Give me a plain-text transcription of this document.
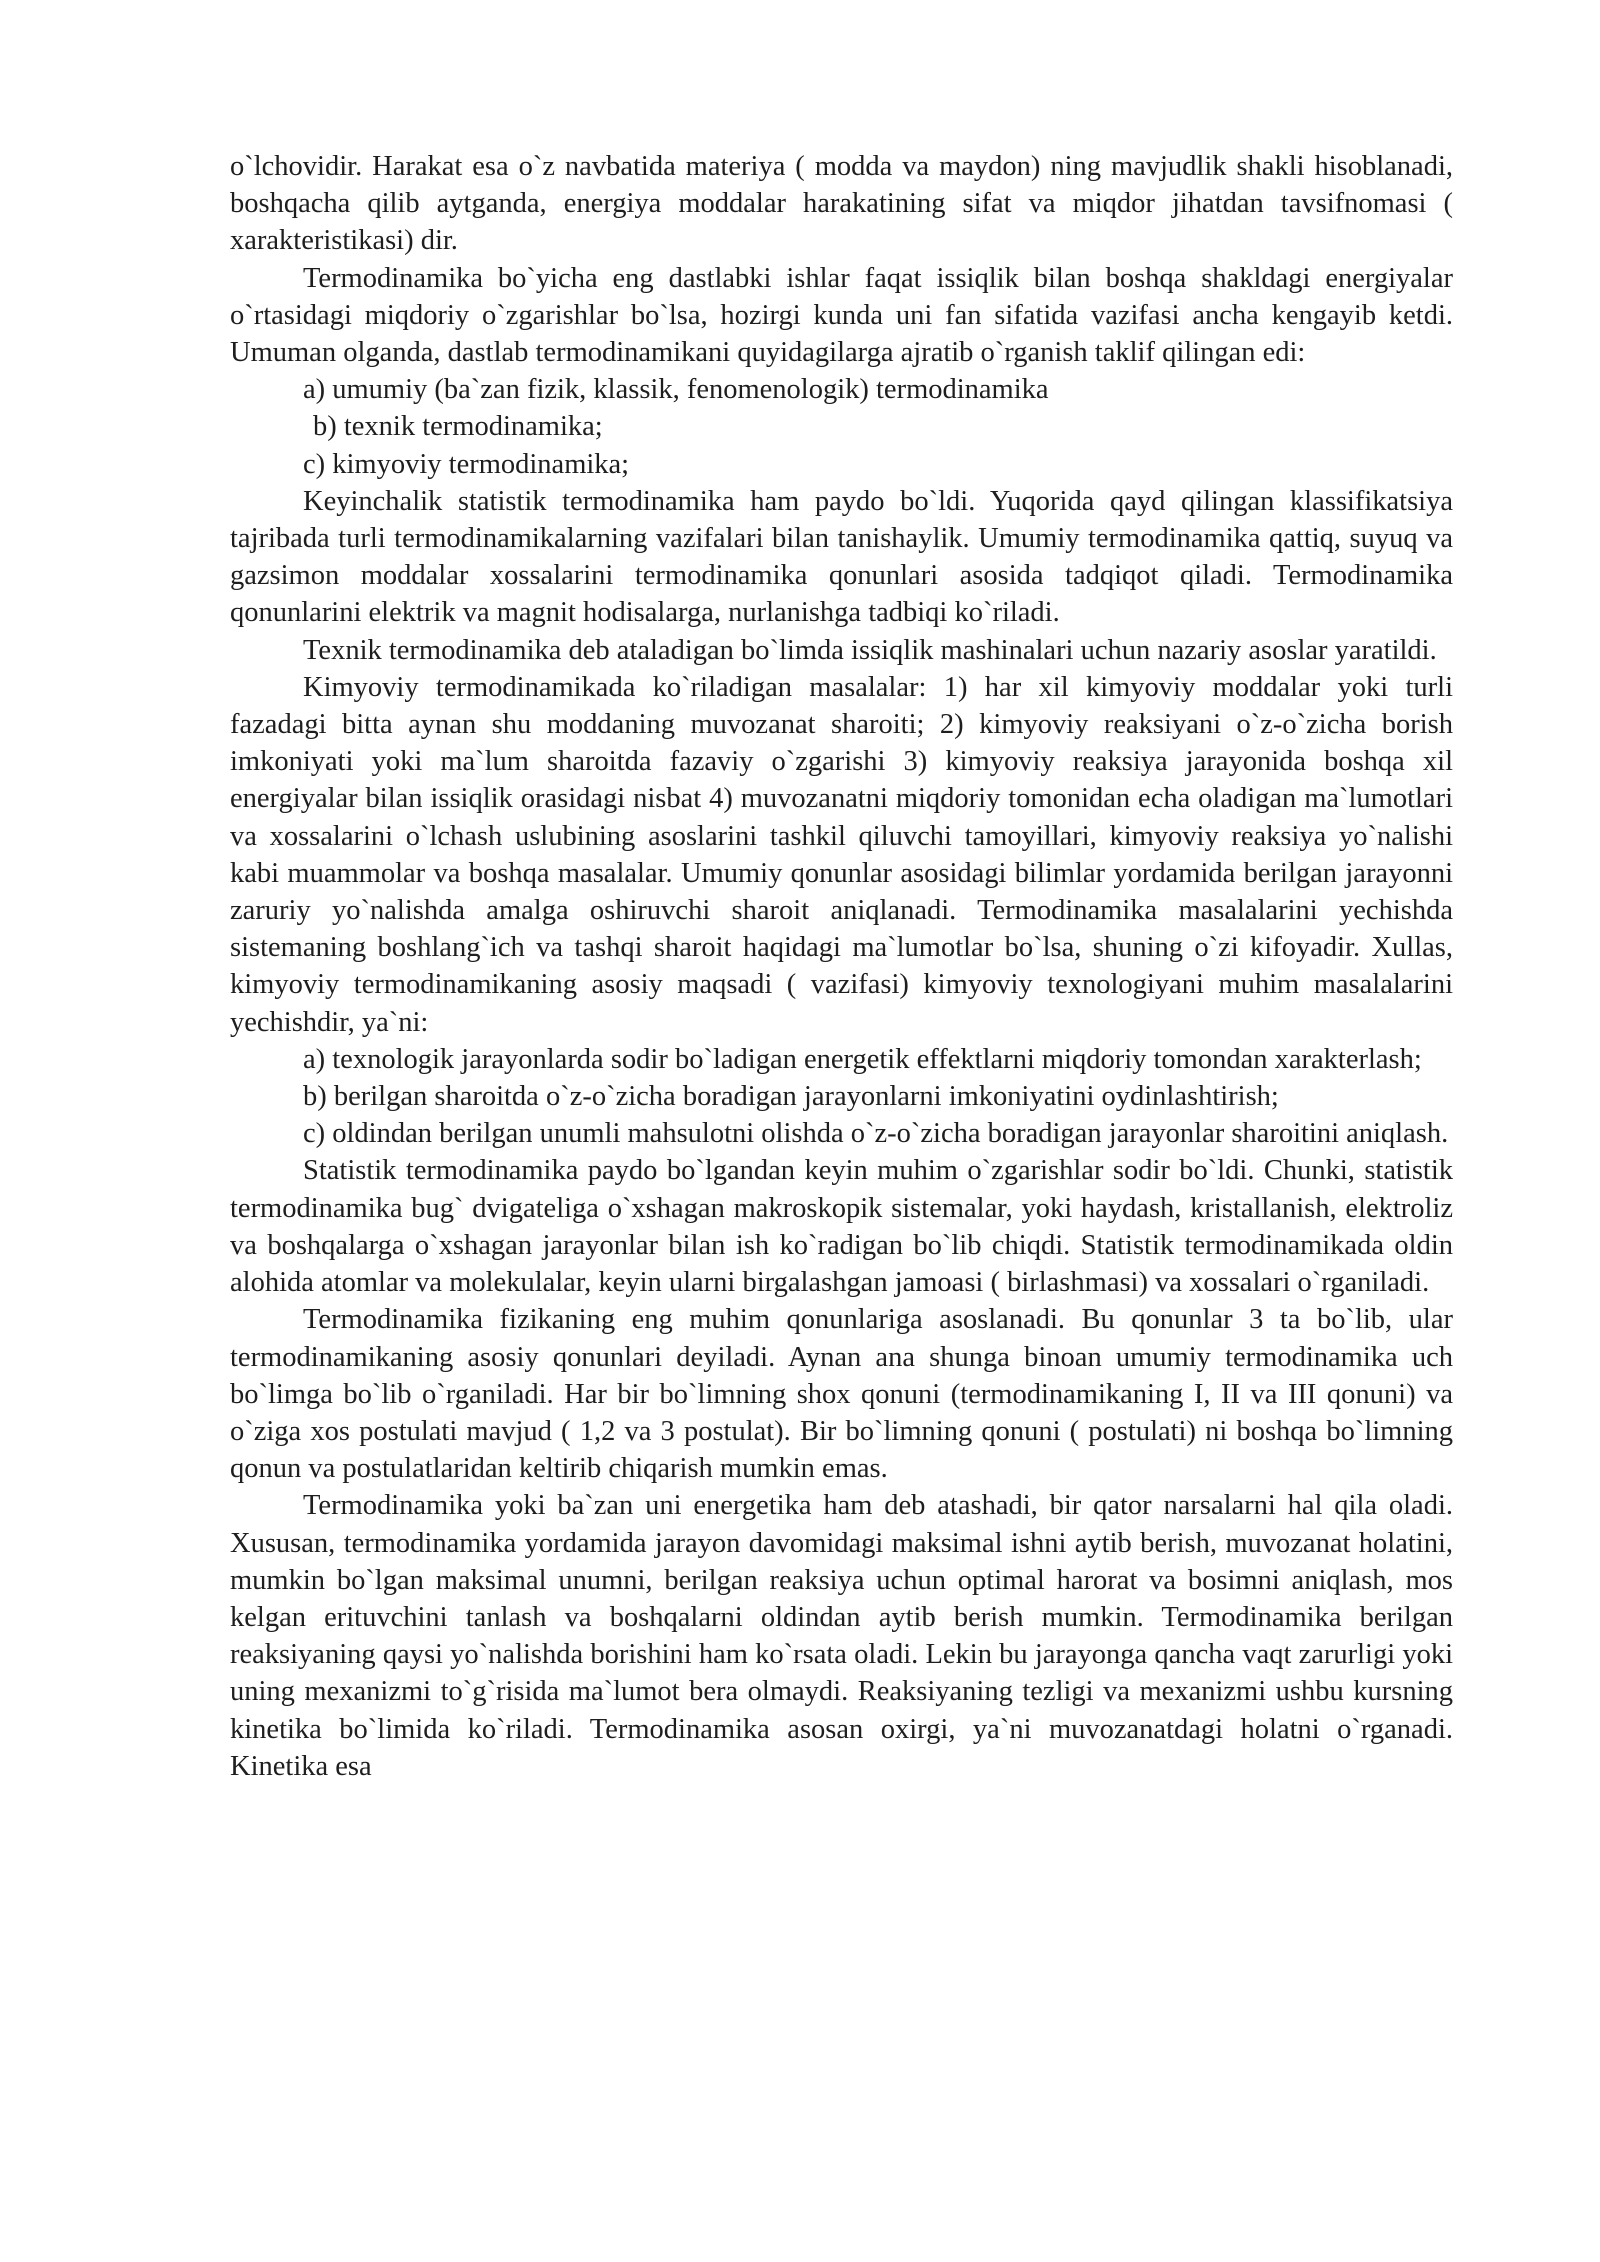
o`lchovidir. Harakat esa o`z navbatida materiya ( modda va maydon) ning mavjudlik shakli hisoblanadi, boshqacha qilib aytganda, energiya moddalar harakatining sifat va miqdor jihatdan tavsifnomasi ( xarakteristikasi) dir.

Termodinamika bo`yicha eng dastlabki ishlar faqat issiqlik bilan boshqa shakldagi energiyalar o`rtasidagi miqdoriy o`zgarishlar bo`lsa, hozirgi kunda uni fan sifatida vazifasi ancha kengayib ketdi. Umuman olganda, dastlab termodinamikani quyidagilarga ajratib o`rganish taklif qilingan edi:

a) umumiy (ba`zan fizik, klassik, fenomenologik) termodinamika

b) texnik termodinamika;

c) kimyoviy termodinamika;

Keyinchalik statistik termodinamika ham paydo bo`ldi. Yuqorida qayd qilingan klassifikatsiya tajribada turli termodinamikalarning vazifalari bilan tanishaylik. Umumiy termodinamika qattiq, suyuq va gazsimon moddalar xossalarini termodinamika qonunlari asosida tadqiqot qiladi. Termodinamika qonunlarini elektrik va magnit hodisalarga, nurlanishga tadbiqi ko`riladi.

Texnik termodinamika deb ataladigan bo`limda issiqlik mashinalari uchun nazariy asoslar yaratildi.

Kimyoviy termodinamikada ko`riladigan masalalar: 1) har xil kimyoviy moddalar yoki turli fazadagi bitta aynan shu moddaning muvozanat sharoiti; 2) kimyoviy reaksiyani o`z-o`zicha borish imkoniyati yoki ma`lum sharoitda fazaviy o`zgarishi 3) kimyoviy reaksiya jarayonida boshqa xil energiyalar bilan issiqlik orasidagi nisbat 4) muvozanatni miqdoriy tomonidan echa oladigan ma`lumotlari va xossalarini o`lchash uslubining asoslarini tashkil qiluvchi tamoyillari, kimyoviy reaksiya yo`nalishi kabi muammolar va boshqa masalalar. Umumiy qonunlar asosidagi bilimlar yordamida berilgan jarayonni zaruriy yo`nalishda amalga oshiruvchi sharoit aniqlanadi. Termodinamika masalalarini yechishda sistemaning boshlang`ich va tashqi sharoit haqidagi ma`lumotlar bo`lsa, shuning o`zi kifoyadir. Xullas, kimyoviy termodinamikaning asosiy maqsadi ( vazifasi) kimyoviy texnologiyani muhim masalalarini yechishdir, ya`ni:

a) texnologik jarayonlarda sodir bo`ladigan energetik effektlarni miqdoriy tomondan xarakterlash;

b) berilgan sharoitda o`z-o`zicha boradigan jarayonlarni imkoniyatini oydinlashtirish;

c) oldindan berilgan unumli mahsulotni olishda o`z-o`zicha boradigan jarayonlar sharoitini aniqlash.

Statistik termodinamika paydo bo`lgandan keyin muhim o`zgarishlar sodir bo`ldi. Chunki, statistik termodinamika bug` dvigateliga o`xshagan makroskopik sistemalar, yoki haydash, kristallanish, elektroliz va boshqalarga o`xshagan jarayonlar bilan ish ko`radigan bo`lib chiqdi. Statistik termodinamikada oldin alohida atomlar va molekulalar, keyin ularni birgalashgan jamoasi ( birlashmasi) va xossalari o`rganiladi.

Termodinamika fizikaning eng muhim qonunlariga asoslanadi. Bu qonunlar 3 ta bo`lib, ular termodinamikaning asosiy qonunlari deyiladi. Aynan ana shunga binoan umumiy termodinamika uch bo`limga bo`lib o`rganiladi. Har bir bo`limning shox qonuni (termodinamikaning I, II va III qonuni) va o`ziga xos postulati mavjud ( 1,2 va 3 postulat). Bir bo`limning qonuni ( postulati) ni boshqa bo`limning qonun va postulatlaridan keltirib chiqarish mumkin emas.

Termodinamika yoki ba`zan uni energetika ham deb atashadi, bir qator narsalarni hal qila oladi. Xususan, termodinamika yordamida jarayon davomidagi maksimal ishni aytib berish, muvozanat holatini, mumkin bo`lgan maksimal unumni, berilgan reaksiya uchun optimal harorat va bosimni aniqlash, mos kelgan erituvchini tanlash va boshqalarni oldindan aytib berish mumkin. Termodinamika berilgan reaksiyaning qaysi yo`nalishda borishini ham ko`rsata oladi. Lekin bu jarayonga qancha vaqt zarurligi yoki uning mexanizmi to`g`risida ma`lumot bera olmaydi. Reaksiyaning tezligi va mexanizmi ushbu kursning kinetika bo`limida ko`riladi. Termodinamika asosan oxirgi, ya`ni muvozanatdagi holatni o`rganadi. Kinetika esa
